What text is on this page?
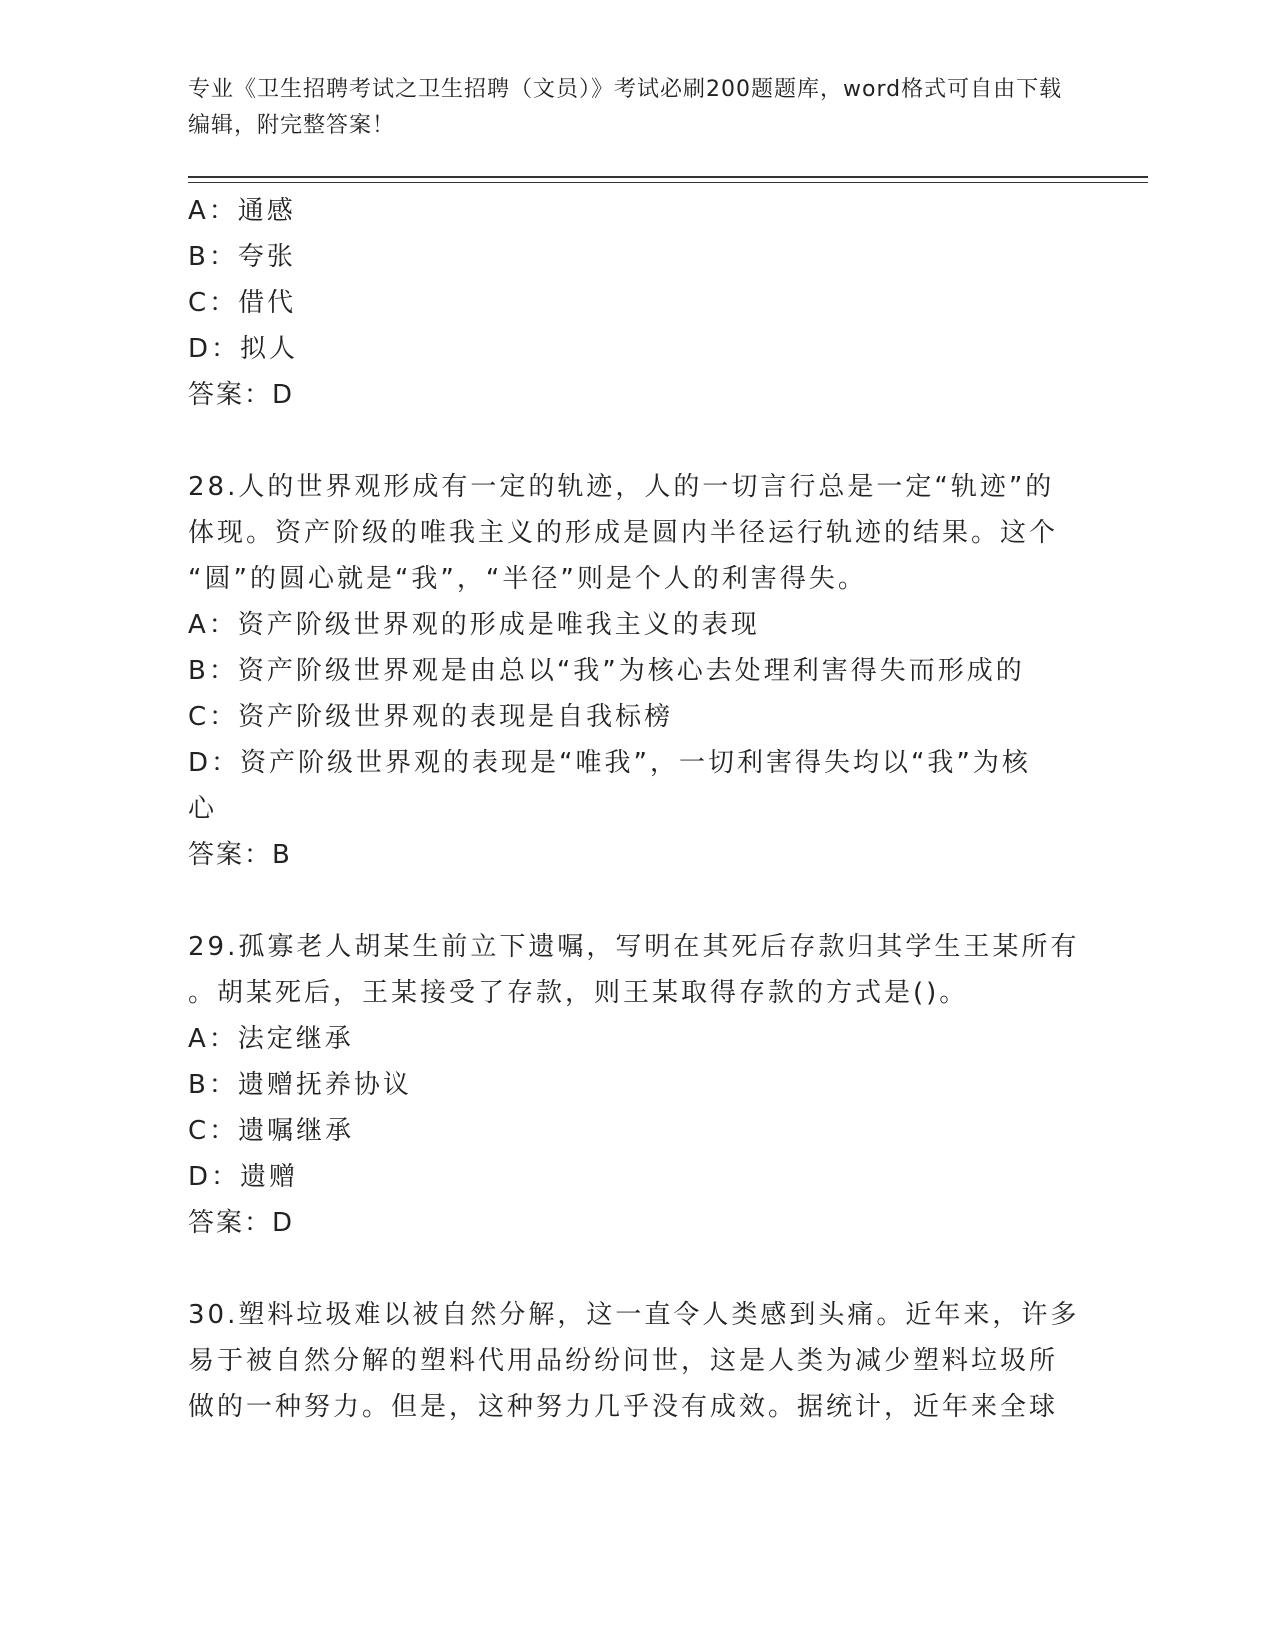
专业《卫生招聘考试之卫生招聘（文员）》考试必刷200题题库，word格式可自由下载编辑，附完整答案！

A：通感

B：夸张

C：借代

D：拟人

答案：D

28.人的世界观形成有一定的轨迹，人的一切言行总是一定“轨迹”的

体现。资产阶级的唯我主义的形成是圆内半径运行轨迹的结果。这个

“圆”的圆心就是“我”，“半径”则是个人的利害得失。

A：资产阶级世界观的形成是唯我主义的表现

B：资产阶级世界观是由总以“我”为核心去处理利害得失而形成的

C：资产阶级世界观的表现是自我标榜

D：资产阶级世界观的表现是“唯我”，一切利害得失均以“我”为核

心

答案：B

29.孤寡老人胡某生前立下遗嘱，写明在其死后存款归其学生王某所有

。胡某死后，王某接受了存款，则王某取得存款的方式是()。

A：法定继承

B：遗赠抚养协议

C：遗嘱继承

D：遗赠

答案：D

30.塑料垃圾难以被自然分解，这一直令人类感到头痛。近年来，许多

易于被自然分解的塑料代用品纷纷问世，这是人类为减少塑料垃圾所

做的一种努力。但是，这种努力几乎没有成效。据统计，近年来全球
